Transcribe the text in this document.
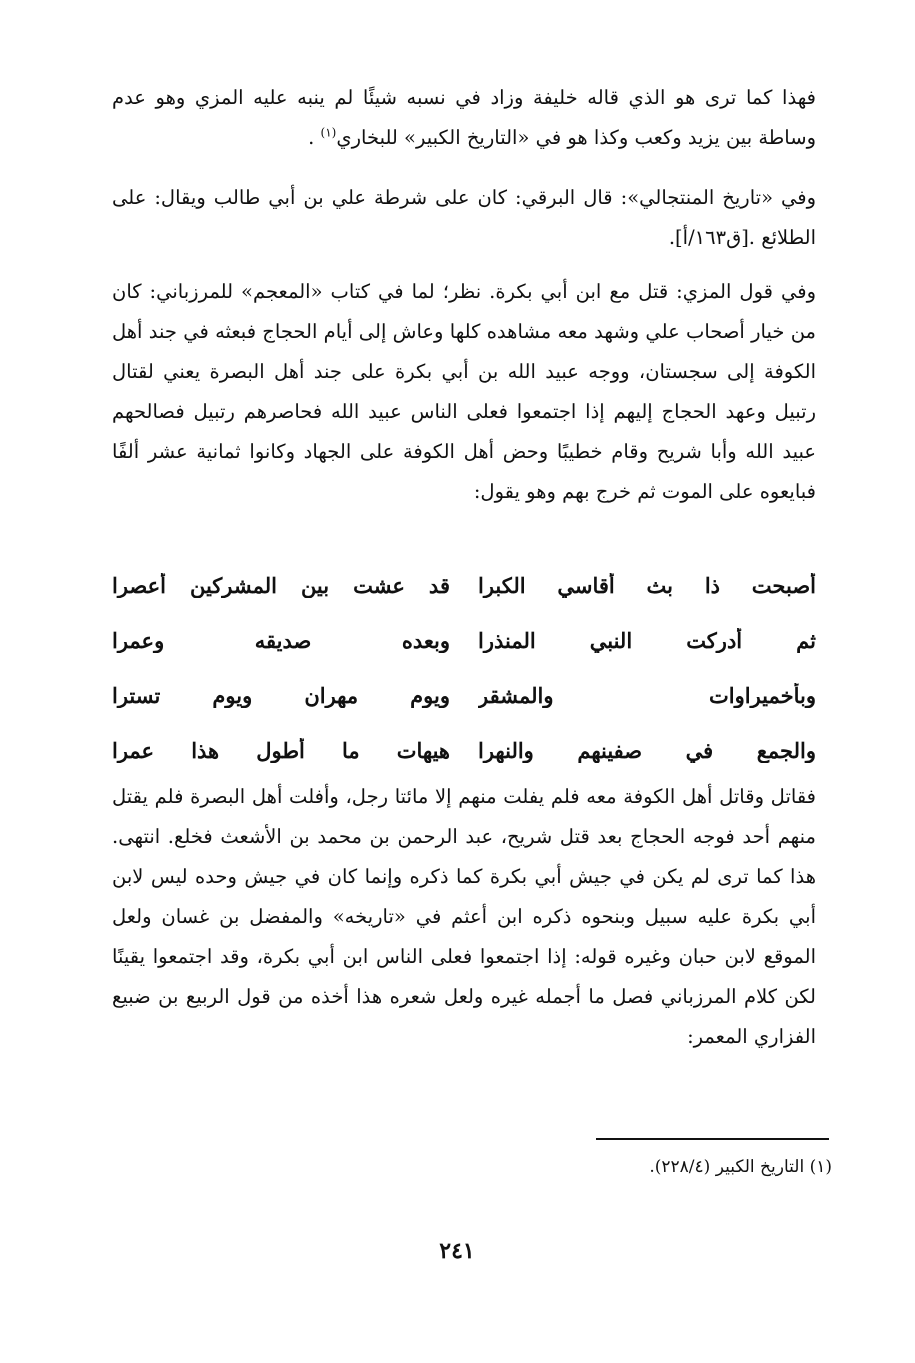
فهذا كما ترى هو الذي قاله خليفة وزاد في نسبه شيئًا لم ينبه عليه المزي وهو عدم وساطة بين يزيد وكعب وكذا هو في «التاريخ الكبير» للبخاري$^{(١)}$ .

وفي «تاريخ المنتجالي»: قال البرقي: كان على شرطة علي بن أبي طالب ويقال: على الطلائع .[ق١٦٣/أ].

وفي قول المزي: قتل مع ابن أبي بكرة. نظر؛ لما في كتاب «المعجم» للمرزباني: كان من خيار أصحاب علي وشهد معه مشاهده كلها وعاش إلى أيام الحجاج فبعثه في جند أهل الكوفة إلى سجستان، ووجه عبيد الله بن أبي بكرة على جند أهل البصرة يعني لقتال رتبيل وعهد الحجاج إليهم إذا اجتمعوا فعلى الناس عبيد الله فحاصرهم رتبيل فصالحهم عبيد الله وأبا شريح وقام خطيبًا وحض أهل الكوفة على الجهاد وكانوا ثمانية عشر ألفًا فبايعوه على الموت ثم خرج بهم وهو يقول:

أصبحت ذا بث أقاسي الكبرا
قد عشت بين المشركين أعصرا
ثم أدركت النبي المنذرا
وبعده صديقه وعمرا
وبأخميراوات والمشقر
ويوم مهران ويوم تسترا
والجمع في صفينهم والنهرا
هيهات ما أطول هذا عمرا

فقاتل وقاتل أهل الكوفة معه فلم يفلت منهم إلا مائتا رجل، وأفلت أهل البصرة فلم يقتل منهم أحد فوجه الحجاج بعد قتل شريح، عبد الرحمن بن محمد بن الأشعث فخلع. انتهى. هذا كما ترى لم يكن في جيش أبي بكرة كما ذكره وإنما كان في جيش وحده ليس لابن أبي بكرة عليه سبيل وبنحوه ذكره ابن أعثم في «تاريخه» والمفضل بن غسان ولعل الموقع لابن حبان وغيره قوله: إذا اجتمعوا فعلى الناس ابن أبي بكرة، وقد اجتمعوا يقينًا لكن كلام المرزباني فصل ما أجمله غيره ولعل شعره هذا أخذه من قول الربيع بن ضبيع الفزاري المعمر:

(١) التاريخ الكبير (٢٢٨/٤).

٢٤١
